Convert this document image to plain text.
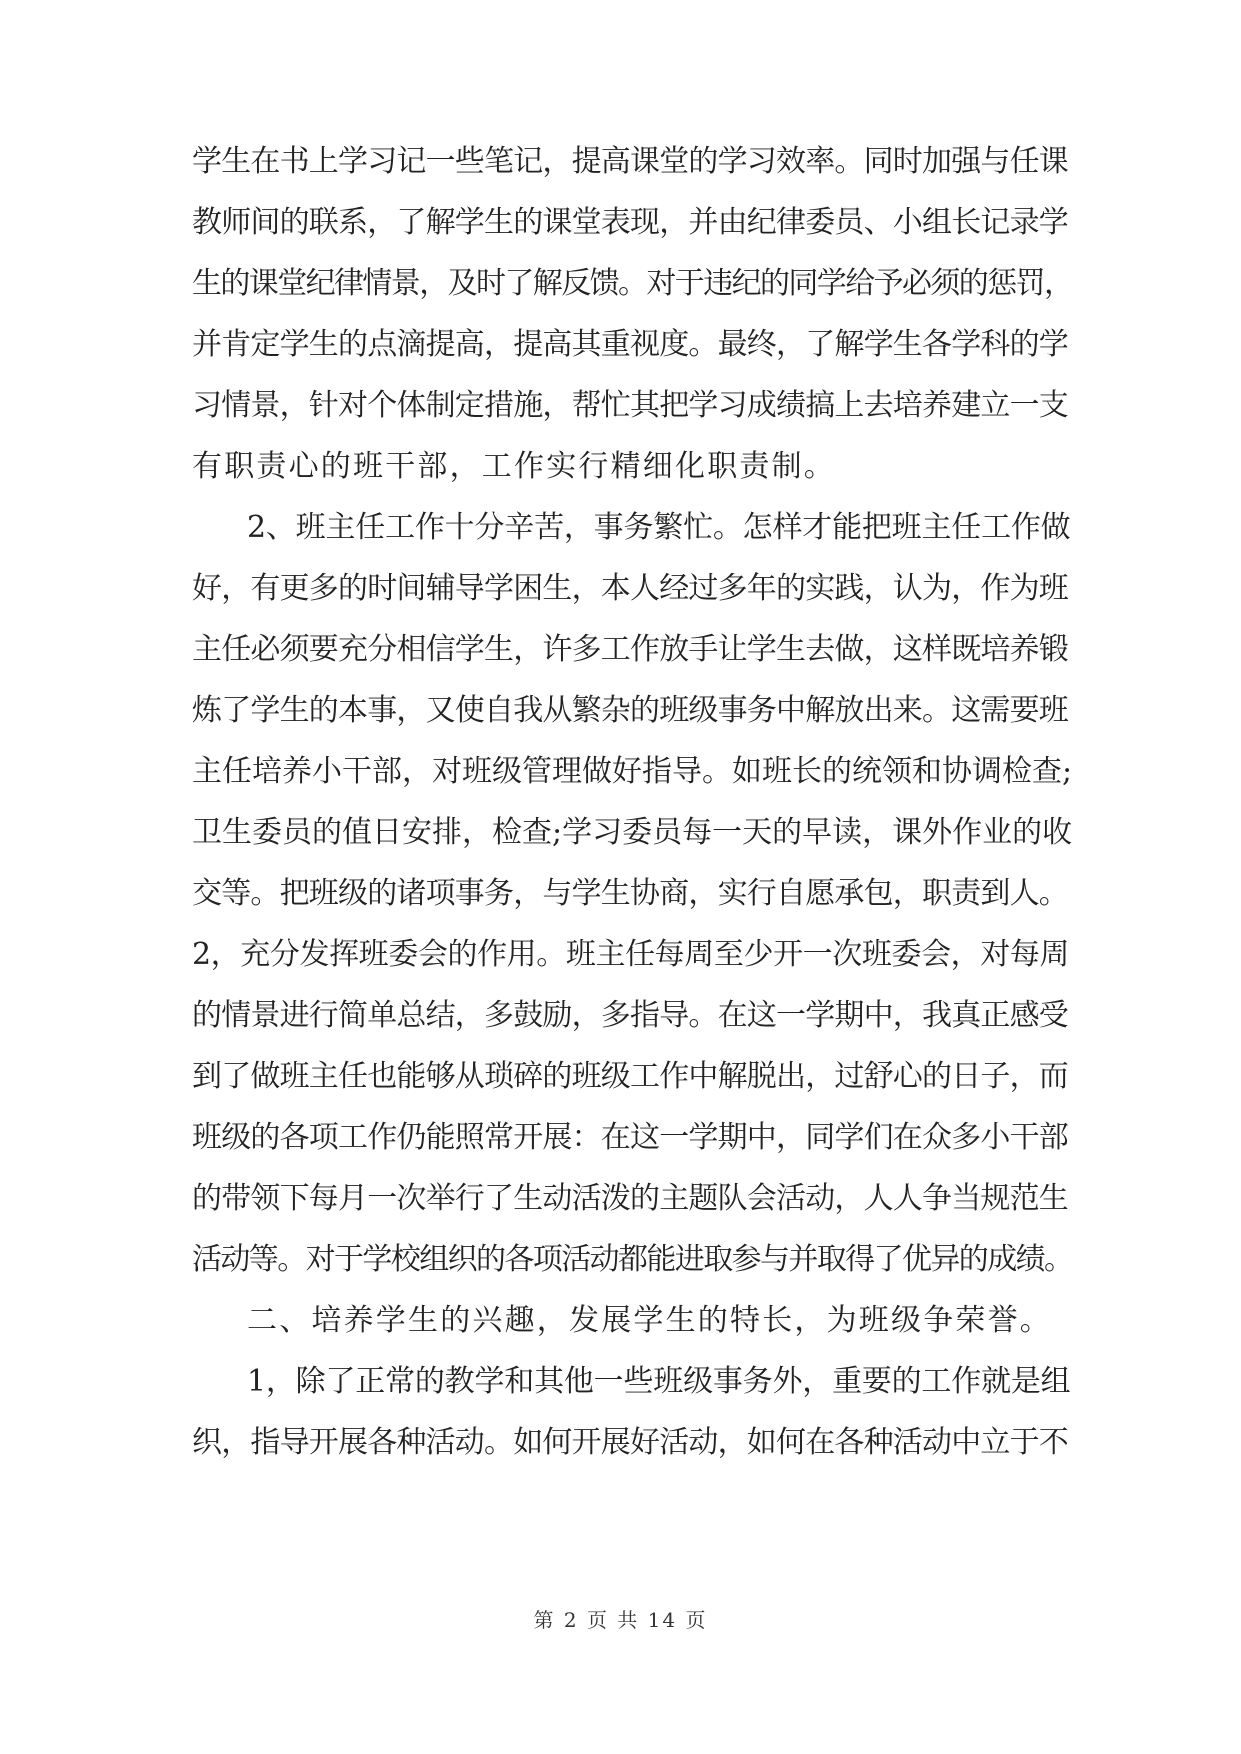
学生在书上学习记一些笔记，提高课堂的学习效率。同时加强与任课
教师间的联系，了解学生的课堂表现，并由纪律委员、小组长记录学
生的课堂纪律情景，及时了解反馈。对于违纪的同学给予必须的惩罚，
并肯定学生的点滴提高，提高其重视度。最终，了解学生各学科的学
习情景，针对个体制定措施，帮忙其把学习成绩搞上去培养建立一支
有职责心的班干部，工作实行精细化职责制。
2、班主任工作十分辛苦，事务繁忙。怎样才能把班主任工作做
好，有更多的时间辅导学困生，本人经过多年的实践，认为，作为班
主任必须要充分相信学生，许多工作放手让学生去做，这样既培养锻
炼了学生的本事，又使自我从繁杂的班级事务中解放出来。这需要班
主任培养小干部，对班级管理做好指导。如班长的统领和协调检查;
卫生委员的值日安排，检查;学习委员每一天的早读，课外作业的收
交等。把班级的诸项事务，与学生协商，实行自愿承包，职责到人。
2，充分发挥班委会的作用。班主任每周至少开一次班委会，对每周
的情景进行简单总结，多鼓励，多指导。在这一学期中，我真正感受
到了做班主任也能够从琐碎的班级工作中解脱出，过舒心的日子，而
班级的各项工作仍能照常开展：在这一学期中，同学们在众多小干部
的带领下每月一次举行了生动活泼的主题队会活动，人人争当规范生
活动等。对于学校组织的各项活动都能进取参与并取得了优异的成绩。
二、培养学生的兴趣，发展学生的特长，为班级争荣誉。
1，除了正常的教学和其他一些班级事务外，重要的工作就是组
织，指导开展各种活动。如何开展好活动，如何在各种活动中立于不
第 2 页 共 14 页
